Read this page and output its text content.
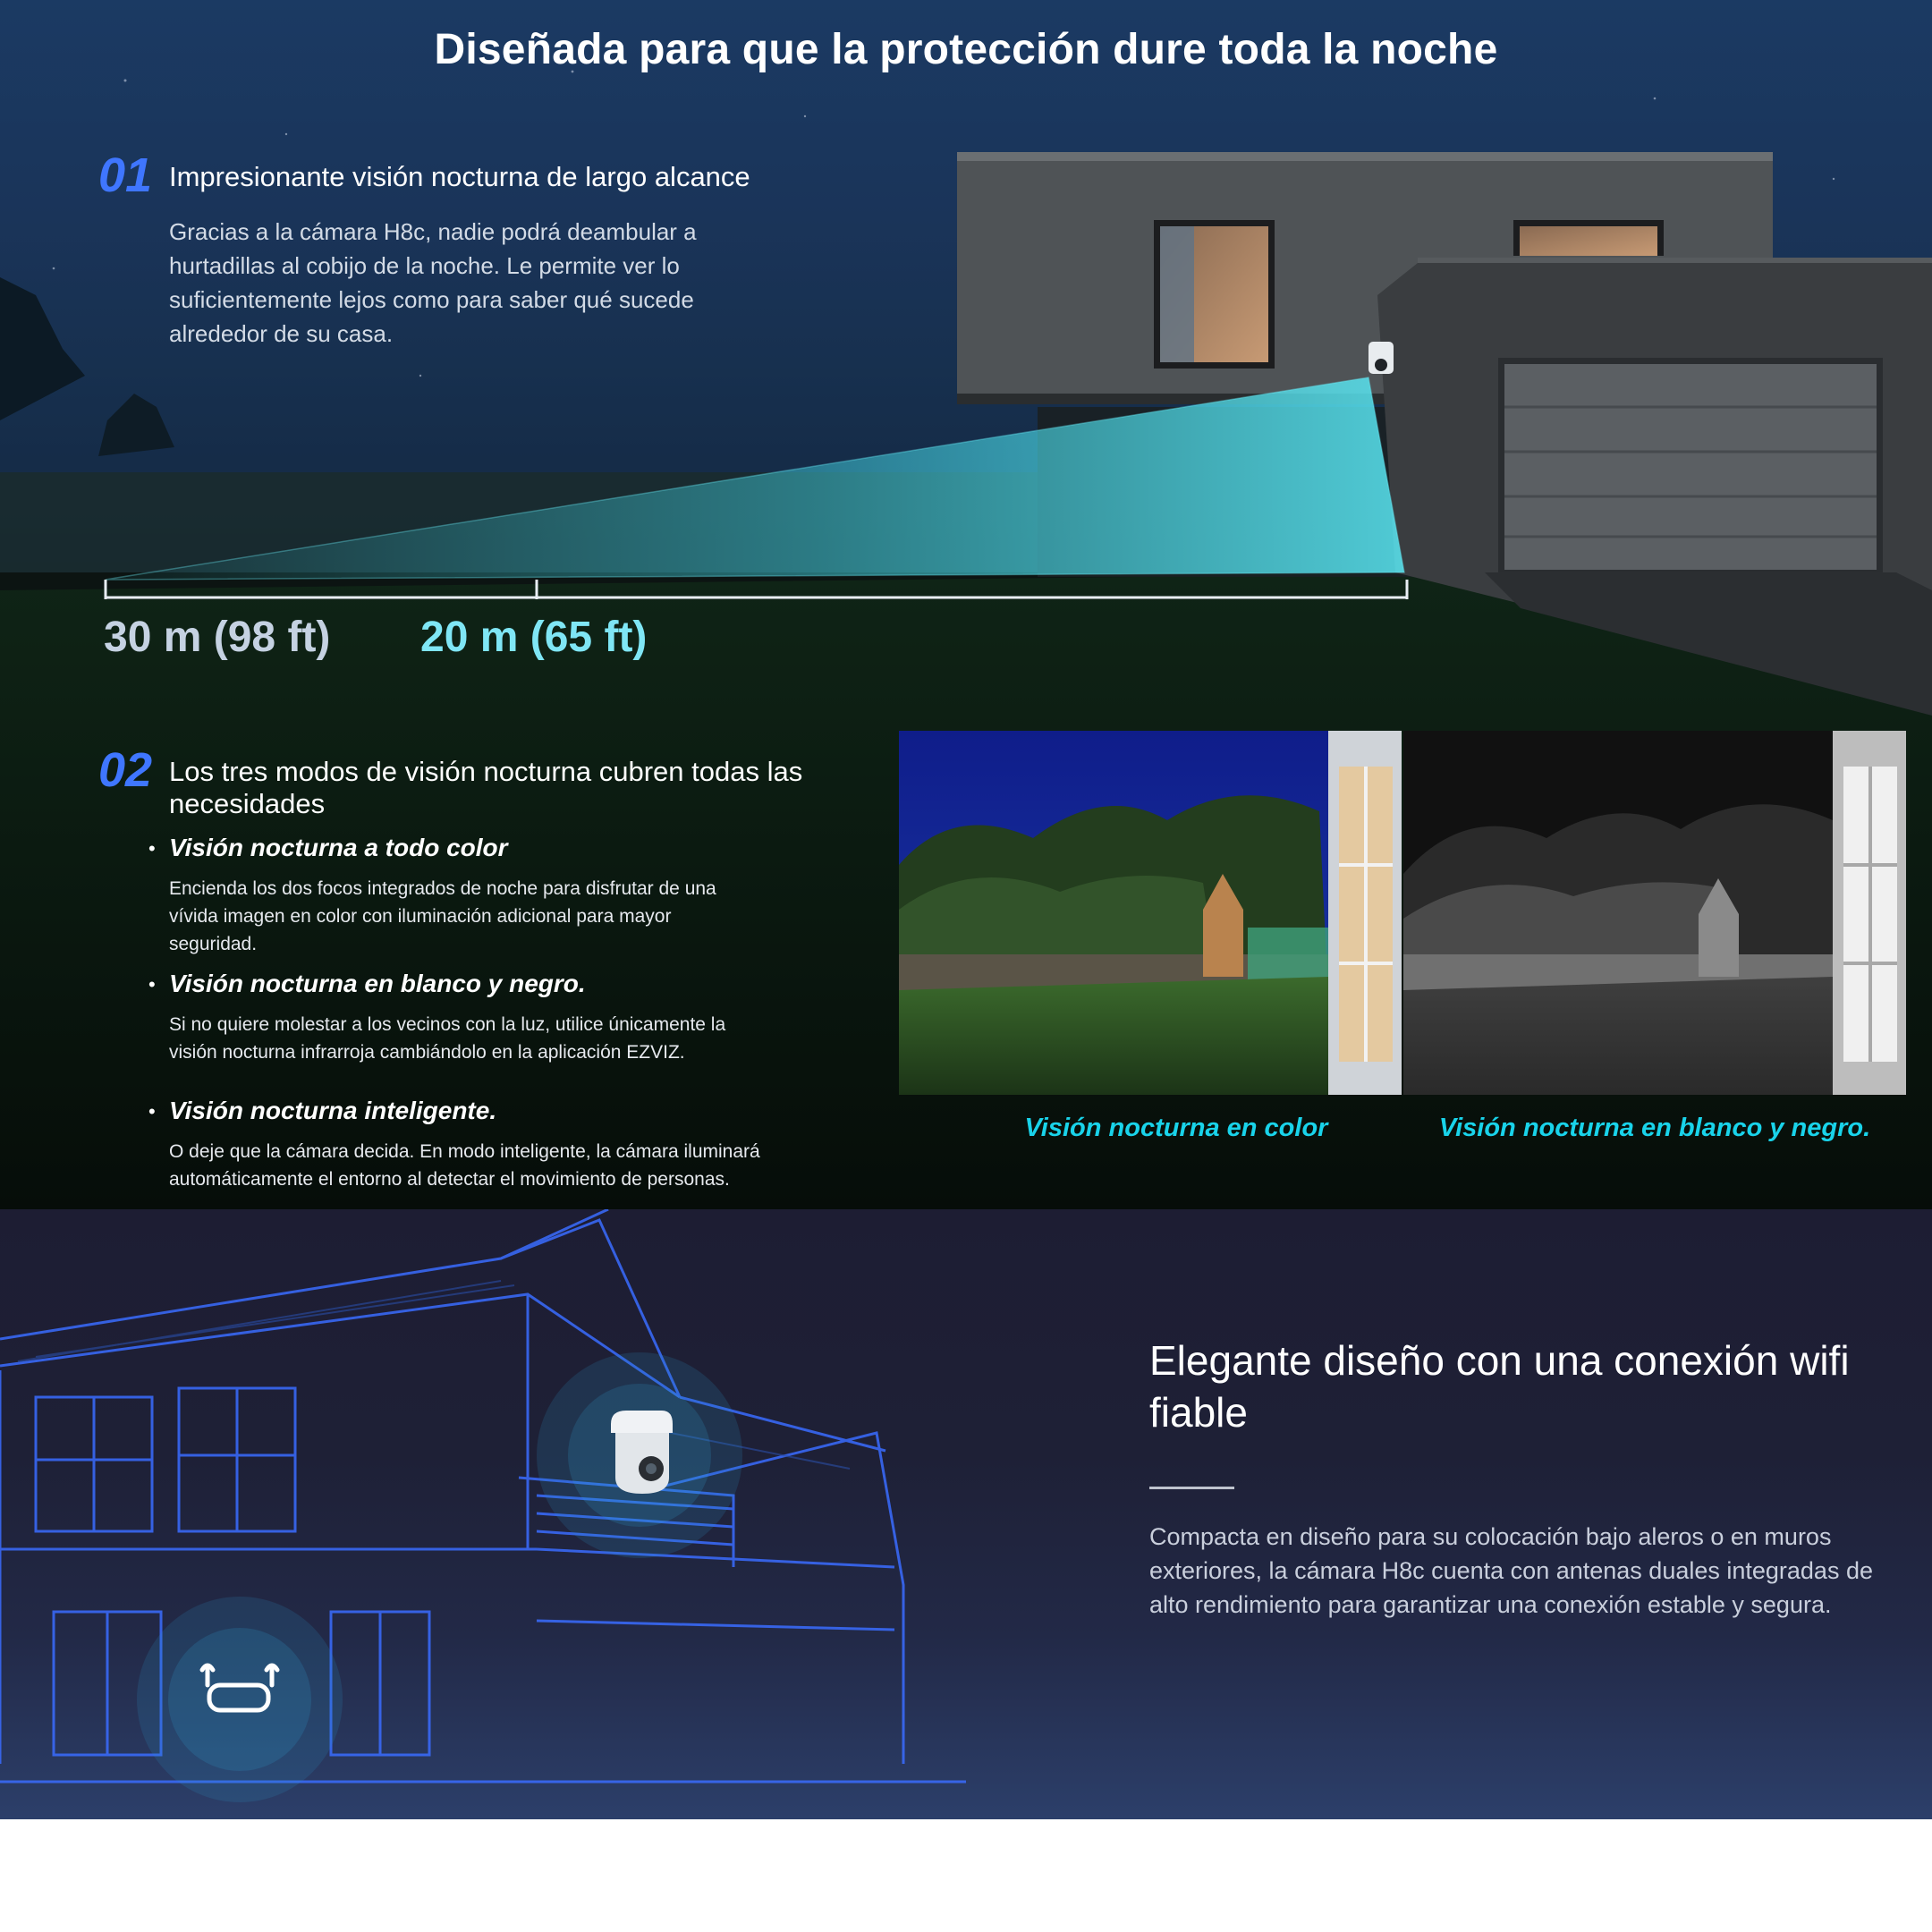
Diseñada para que la protección dure toda la noche
01 Impresionante visión nocturna de largo alcance
Gracias a la cámara H8c, nadie podrá deambular a
hurtadillas al cobijo de la noche. Le permite ver lo
suficientemente lejos como para saber qué sucede
alrededor de su casa.
30 m (98 ft) 20 m (65 ft)
02 Los tres modos de visión nocturna cubren todas las
necesidades
• Visión nocturna a todo color
Encienda los dos focos integrados de noche para disfrutar de una
vívida imagen en color con iluminación adicional para mayor
seguridad.
• Visión nocturna en blanco y negro.
Si no quiere molestar a los vecinos con la luz, utilice únicamente la
visión nocturna infrarroja cambiándolo en la aplicación EZVIZ.
• Visión nocturna inteligente.
O deje que la cámara decida. En modo inteligente, la cámara iluminará
automáticamente el entorno al detectar el movimiento de personas.
Visión nocturna en color	Visión nocturna en blanco y negro.
Elegante diseño con una conexión wifi
fiable
Compacta en diseño para su colocación bajo aleros o en muros
exteriores, la cámara H8c cuenta con antenas duales integradas de
alto rendimiento para garantizar una conexión estable y segura.
